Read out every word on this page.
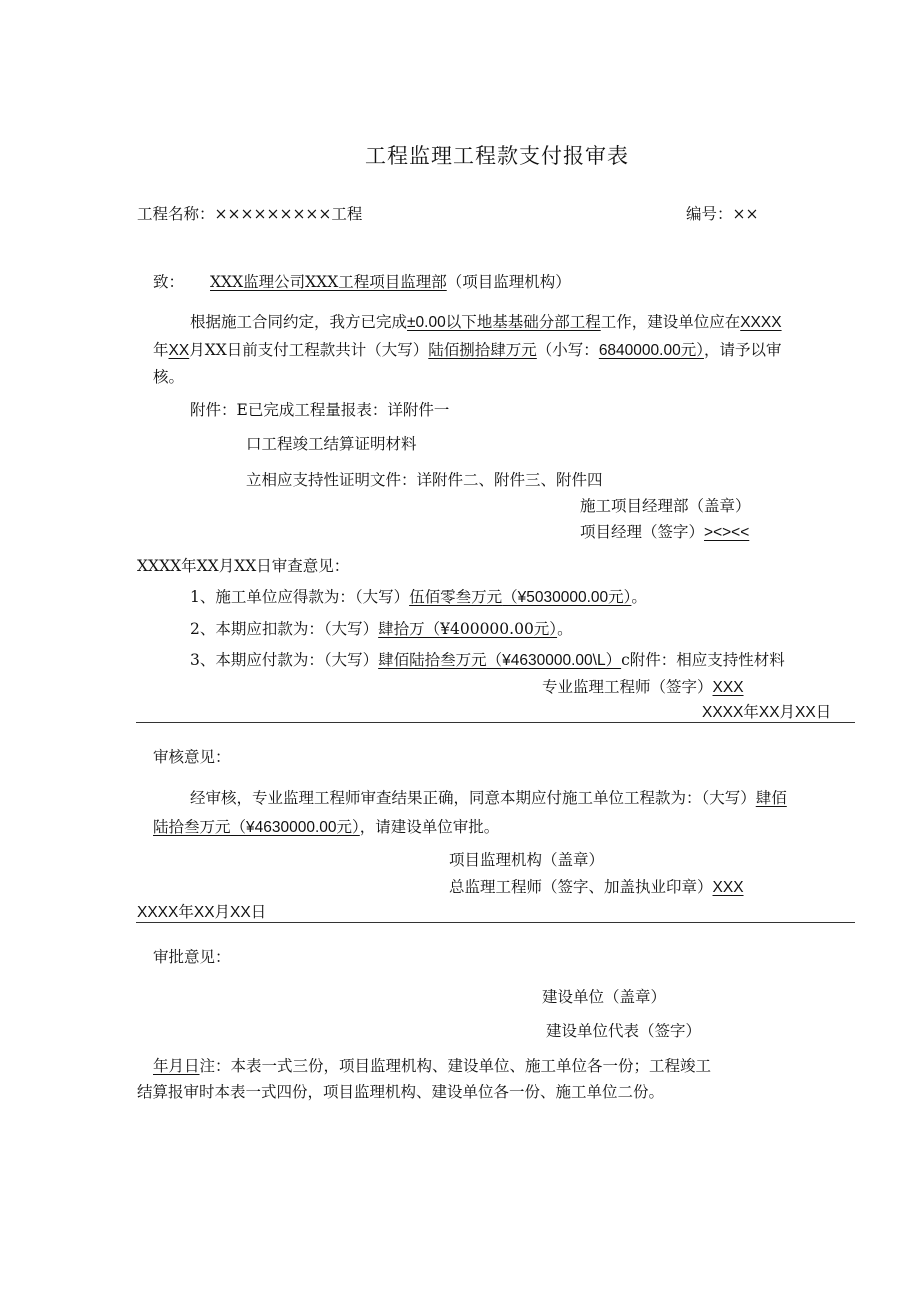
工程监理工程款支付报审表
工程名称：×××××××××工程	编号：××
致： XXX监理公司XXX工程项目监理部（项目监理机构）
根据施工合同约定，我方已完成±0.00以下地基基础分部工程工作，建设单位应在XXXX
年XX月XX日前支付工程款共计（大写）陆佰捌拾肆万元（小写：6840000.00元），请予以审
核。
附件：E已完成工程量报表：详附件一
口工程竣工结算证明材料
立相应支持性证明文件：详附件二、附件三、附件四
施工项目经理部（盖章）
项目经理（签字）><><<
XXXX年XX月XX日审查意见：
1、施工单位应得款为：（大写）伍佰零叁万元（¥5030000.00元）。
2、本期应扣款为：（大写）肆拾万（¥400000.00元）。
3、本期应付款为：（大写）肆佰陆拾叁万元（¥4630000.00\L）c附件：相应支持性材料
专业监理工程师（签字）XXX
XXXX年XX月XX日
审核意见：
经审核，专业监理工程师审查结果正确，同意本期应付施工单位工程款为：（大写）肆佰
陆拾叁万元（¥4630000.00元），请建设单位审批。
项目监理机构（盖章）
总监理工程师（签字、加盖执业印章）XXX
XXXX年XX月XX日
审批意见：
建设单位（盖章）
建设单位代表（签字）
年月日注：本表一式三份，项目监理机构、建设单位、施工单位各一份；工程竣工
结算报审时本表一式四份，项目监理机构、建设单位各一份、施工单位二份。
